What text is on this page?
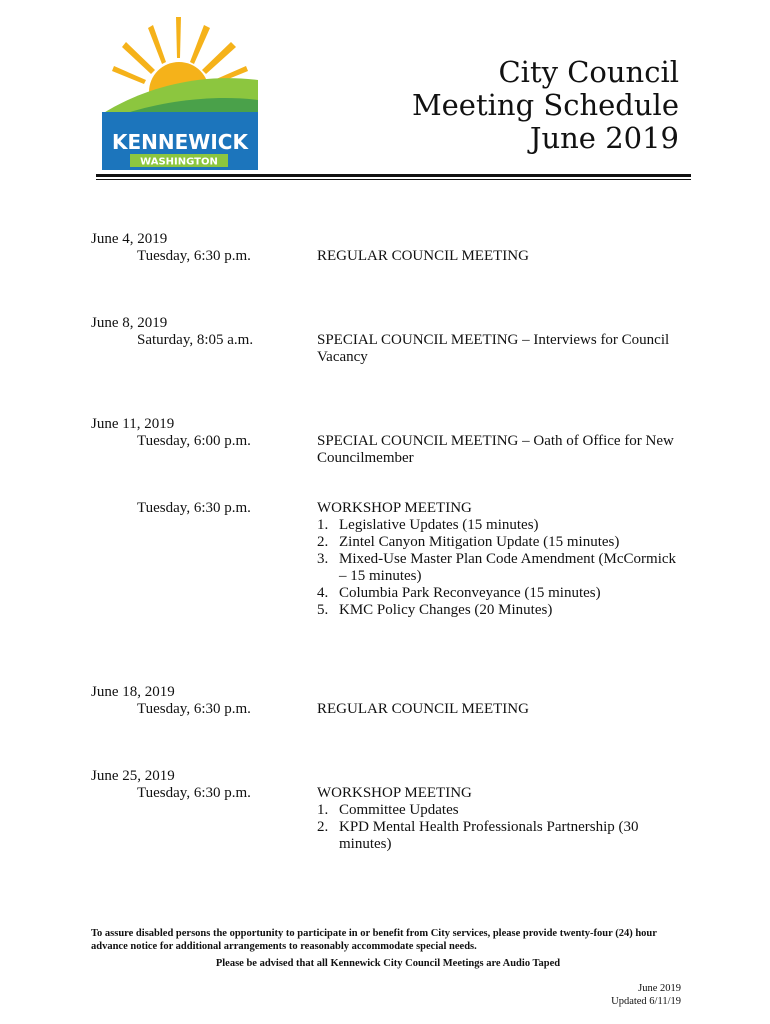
KENNEWICK
WASHINGTON
City Council
Meeting Schedule
June 2019
June 4, 2019
Tuesday, 6:30 p.m.	REGULAR COUNCIL MEETING
June 8, 2019
Saturday, 8:05 a.m.	SPECIAL COUNCIL MEETING – Interviews for Council Vacancy
June 11, 2019
Tuesday, 6:00 p.m.	SPECIAL COUNCIL MEETING – Oath of Office for New Councilmember
Tuesday, 6:30 p.m.	WORKSHOP MEETING
1. Legislative Updates (15 minutes)
2. Zintel Canyon Mitigation Update (15 minutes)
3. Mixed-Use Master Plan Code Amendment (McCormick – 15 minutes)
4. Columbia Park Reconveyance (15 minutes)
5. KMC Policy Changes (20 Minutes)
June 18, 2019
Tuesday, 6:30 p.m.	REGULAR COUNCIL MEETING
June 25, 2019
Tuesday, 6:30 p.m.	WORKSHOP MEETING
1. Committee Updates
2. KPD Mental Health Professionals Partnership (30 minutes)
To assure disabled persons the opportunity to participate in or benefit from City services, please provide twenty-four (24) hour advance notice for additional arrangements to reasonably accommodate special needs.
Please be advised that all Kennewick City Council Meetings are Audio Taped
June 2019
Updated 6/11/19
